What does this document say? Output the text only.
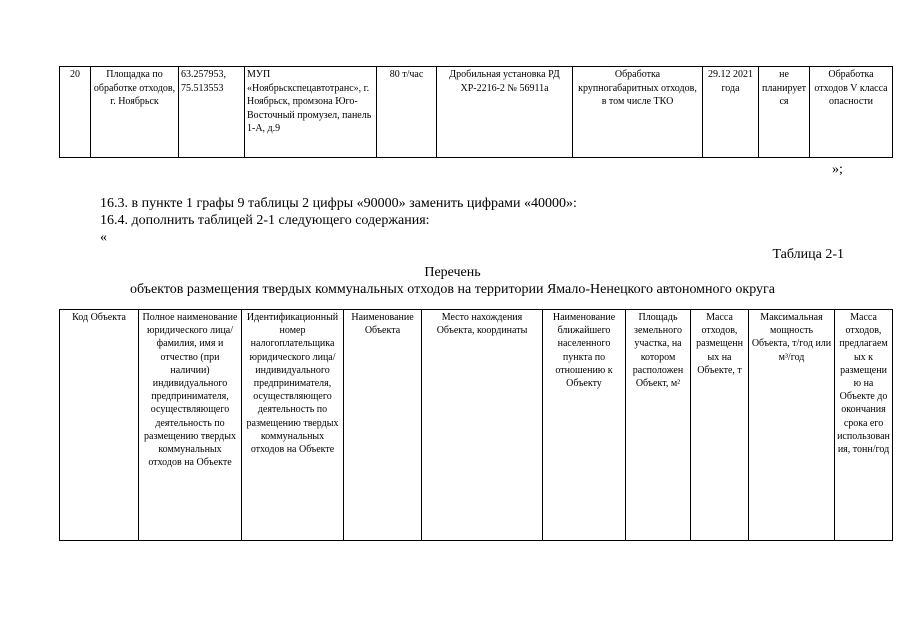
20	Площадка по обработке отходов, г. Ноябрьск	63.257953, 75.513553	МУП «Ноябрьскспецавтотранс», г. Ноябрьск, промзона Юго-Восточный промузел, панель 1-А, д.9	80 т/час	Дробильная установка РД ХР-2216-2 № 56911а	Обработка крупногабаритных отходов, в том числе ТКО	29.12 2021 года	не планируется	Обработка отходов V класса опасности
»;
16.3. в пункте 1 графы 9 таблицы 2 цифры «90000» заменить цифрами «40000»:
16.4. дополнить таблицей 2-1 следующего содержания:
«
Таблица 2-1
Перечень
объектов размещения твердых коммунальных отходов на территории Ямало-Ненецкого автономного округа
Код Объекта	Полное наименование юридического лица/фамилия, имя и отчество (при наличии) индивидуального предпринимателя, осуществляющего деятельность по размещению твердых коммунальных отходов на Объекте	Идентификационный номер налогоплательщика юридического лица/ индивидуального предпринимателя, осуществляющего деятельность по размещению твердых коммунальных отходов на Объекте	Наименование Объекта	Место нахождения Объекта, координаты	Наименование ближайшего населенного пункта по отношению к Объекту	Площадь земельного участка, на котором расположен Объект, м²	Масса отходов, размещенных на Объекте, т	Максимальная мощность Объекта, т/год или м³/год	Масса отходов, предлагаемых к размещению на Объекте до окончания срока его использования, тонн/год
